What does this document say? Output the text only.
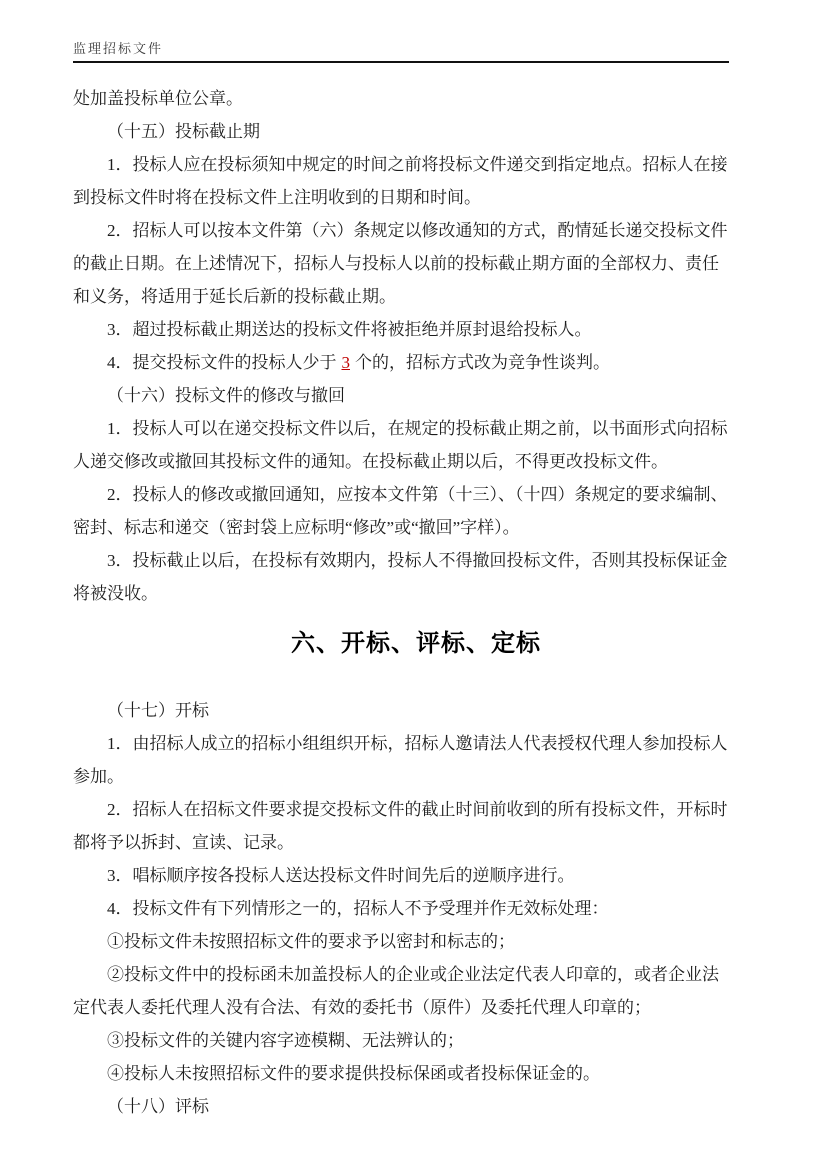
监理招标文件
处加盖投标单位公章。
（十五）投标截止期
1．投标人应在投标须知中规定的时间之前将投标文件递交到指定地点。招标人在接
到投标文件时将在投标文件上注明收到的日期和时间。
2．招标人可以按本文件第（六）条规定以修改通知的方式，酌情延长递交投标文件
的截止日期。在上述情况下，招标人与投标人以前的投标截止期方面的全部权力、责任
和义务，将适用于延长后新的投标截止期。
3．超过投标截止期送达的投标文件将被拒绝并原封退给投标人。
4．提交投标文件的投标人少于 3 个的，招标方式改为竞争性谈判。
（十六）投标文件的修改与撤回
1．投标人可以在递交投标文件以后，在规定的投标截止期之前，以书面形式向招标
人递交修改或撤回其投标文件的通知。在投标截止期以后，不得更改投标文件。
2．投标人的修改或撤回通知，应按本文件第（十三）、（十四）条规定的要求编制、
密封、标志和递交（密封袋上应标明“修改”或“撤回”字样）。
3．投标截止以后，在投标有效期内，投标人不得撤回投标文件，否则其投标保证金
将被没收。
六、开标、评标、定标
（十七）开标
1．由招标人成立的招标小组组织开标，招标人邀请法人代表授权代理人参加投标人
参加。
2．招标人在招标文件要求提交投标文件的截止时间前收到的所有投标文件，开标时
都将予以拆封、宣读、记录。
3．唱标顺序按各投标人送达投标文件时间先后的逆顺序进行。
4．投标文件有下列情形之一的，招标人不予受理并作无效标处理：
①投标文件未按照招标文件的要求予以密封和标志的；
②投标文件中的投标函未加盖投标人的企业或企业法定代表人印章的，或者企业法
定代表人委托代理人没有合法、有效的委托书（原件）及委托代理人印章的；
③投标文件的关键内容字迹模糊、无法辨认的；
④投标人未按照招标文件的要求提供投标保函或者投标保证金的。
（十八）评标
